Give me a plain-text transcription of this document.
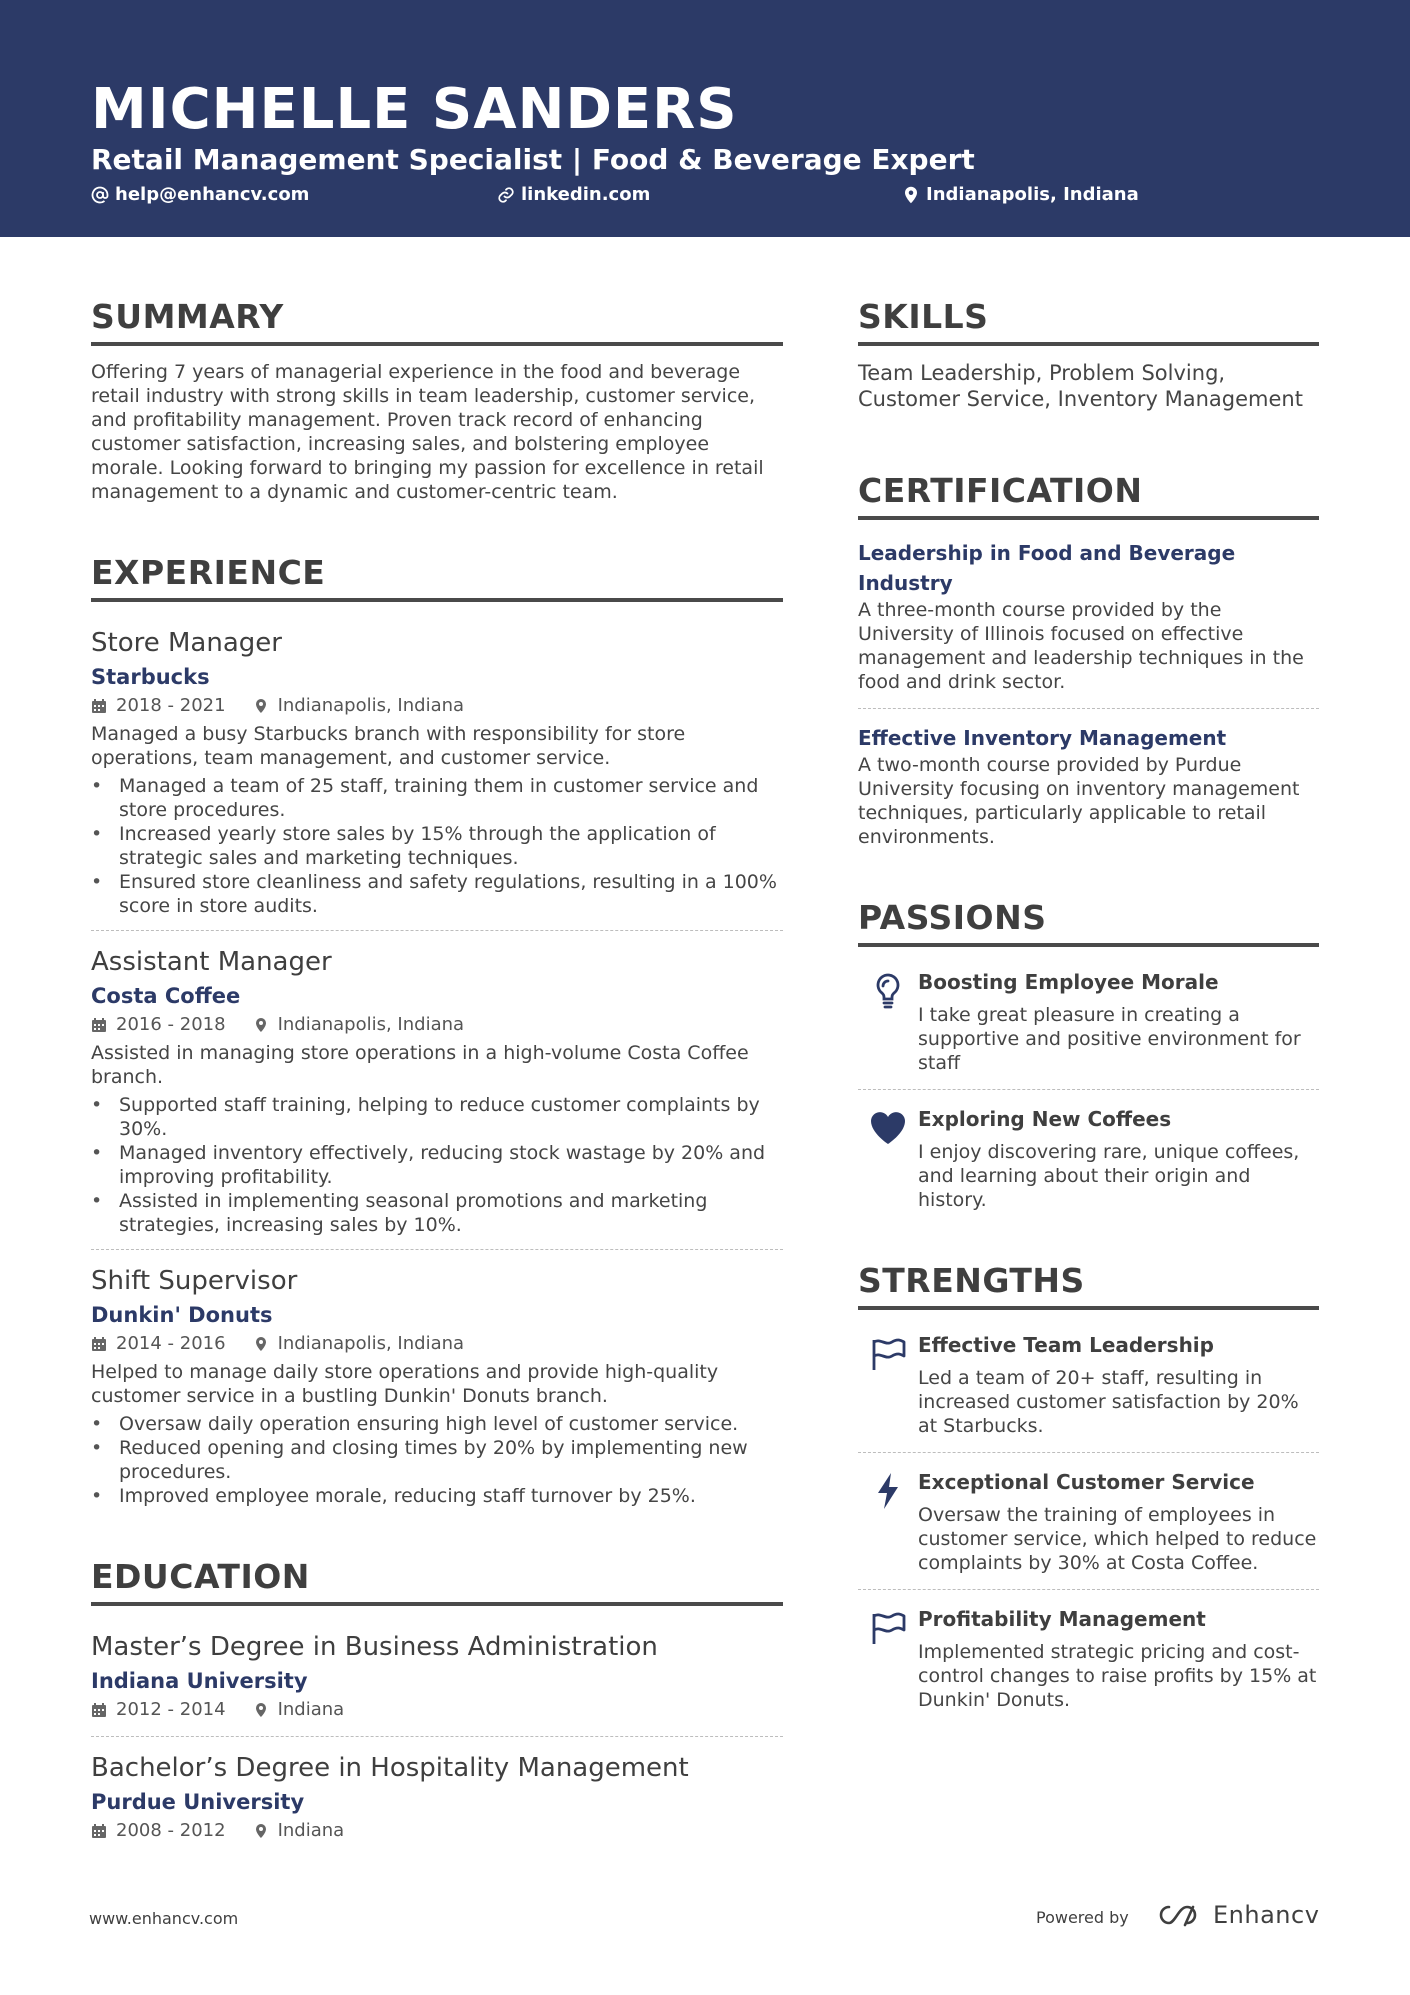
MICHELLE SANDERS
Retail Management Specialist | Food & Beverage Expert
help@enhancv.com	linkedin.com	Indianapolis, Indiana
SUMMARY

Offering 7 years of managerial experience in the food and beverage retail industry with strong skills in team leadership, customer service, and profitability management. Proven track record of enhancing customer satisfaction, increasing sales, and bolstering employee morale. Looking forward to bringing my passion for excellence in retail management to a dynamic and customer-centric team.

EXPERIENCE
Store Manager
Starbucks
2018 - 2021	Indianapolis, Indiana

Managed a busy Starbucks branch with responsibility for store operations, team management, and customer service.

• Managed a team of 25 staff, training them in customer service and store procedures.
• Increased yearly store sales by 15% through the application of strategic sales and marketing techniques.
• Ensured store cleanliness and safety regulations, resulting in a 100% score in store audits.
Assistant Manager
Costa Coffee
2016 - 2018	Indianapolis, Indiana

Assisted in managing store operations in a high-volume Costa Coffee branch.

• Supported staff training, helping to reduce customer complaints by 30%.
• Managed inventory effectively, reducing stock wastage by 20% and improving profitability.
• Assisted in implementing seasonal promotions and marketing strategies, increasing sales by 10%.
Shift Supervisor
Dunkin' Donuts
2014 - 2016	Indianapolis, Indiana

Helped to manage daily store operations and provide high-quality customer service in a bustling Dunkin' Donuts branch.

• Oversaw daily operation ensuring high level of customer service.
• Reduced opening and closing times by 20% by implementing new procedures.
• Improved employee morale, reducing staff turnover by 25%.
EDUCATION
Master’s Degree in Business Administration
Indiana University
2012 - 2014	Indiana
Bachelor’s Degree in Hospitality Management
Purdue University
2008 - 2012	Indiana
SKILLS

Team Leadership, Problem Solving, Customer Service, Inventory Management

CERTIFICATION
Leadership in Food and Beverage Industry

A three-month course provided by the University of Illinois focused on effective management and leadership techniques in the food and drink sector.

Effective Inventory Management

A two-month course provided by Purdue University focusing on inventory management techniques, particularly applicable to retail environments.

PASSIONS
Boosting Employee Morale

I take great pleasure in creating a supportive and positive environment for staff

Exploring New Coffees

I enjoy discovering rare, unique coffees, and learning about their origin and history.

STRENGTHS
Effective Team Leadership

Led a team of 20+ staff, resulting in increased customer satisfaction by 20% at Starbucks.

Exceptional Customer Service

Oversaw the training of employees in customer service, which helped to reduce complaints by 30% at Costa Coffee.

Profitability Management

Implemented strategic pricing and cost-control changes to raise profits by 15% at Dunkin' Donuts.

www.enhancv.com	Powered by	Enhancv
